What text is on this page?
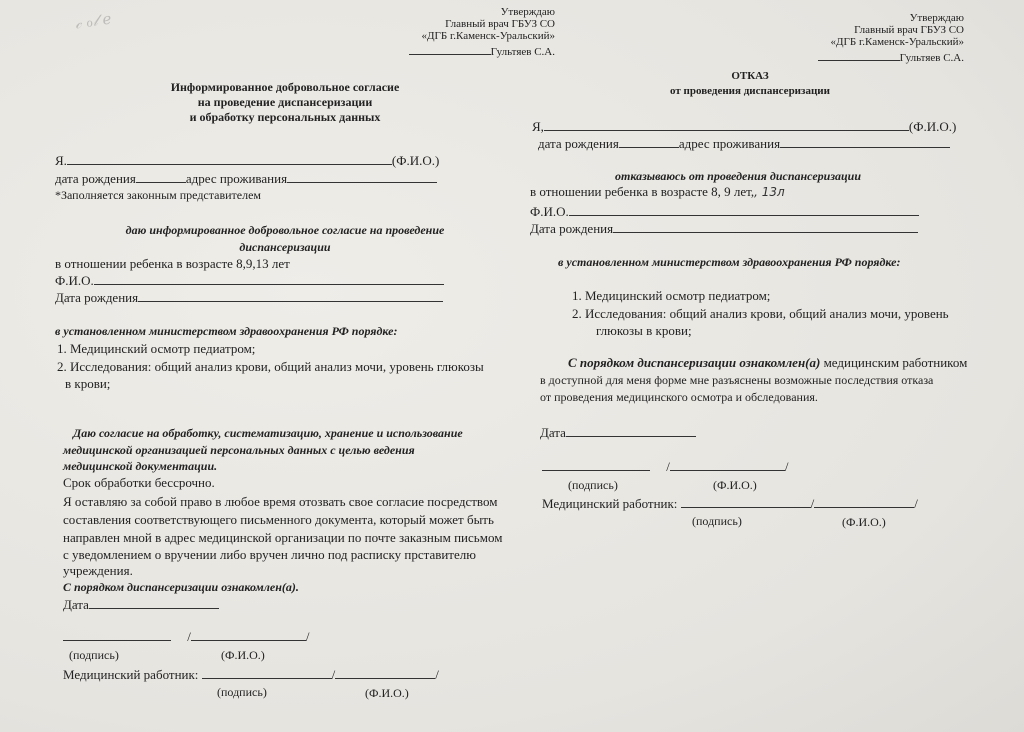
𝒸 ℴ𝓁 ℯ	Утверждаю
Главный врач ГБУЗ СО
«ДГБ г.Каменск-Уральский»
Гультяев С.А.
Информированное добровольное согласие
на проведение диспансеризации
и обработку персональных данных
Я.	(Ф.И.О.)
дата рождения	адрес проживания
*Заполняется законным представителем
даю информированное добровольное согласие на проведение
диспансеризации
в отношении ребенка в возрасте 8,9,13 лет
Ф.И.О.
Дата рождения
в установленном министерством здравоохранения РФ порядке:
1. Медицинский осмотр педиатром;
2. Исследования: общий анализ крови, общий анализ мочи, уровень глюкозы
в крови;
Даю согласие на обработку, систематизацию, хранение и использование
медицинской организацией персональных данных с целью ведения
медицинской документации.
Срок обработки бессрочно.
Я оставляю за собой право в любое время отозвать свое согласие посредством
составления соответствующего письменного документа, который может быть
направлен мной в адрес медицинской организации по почте заказным письмом
с уведомлением о вручении либо вручен лично под расписку прставителю
учреждения.
С порядком диспансеризации ознакомлен(а).
Дата
/	/
(подпись)	(Ф.И.О.)
Медицинский работник:	/	/
(подпись)	(Ф.И.О.)
Утверждаю
Главный врач ГБУЗ СО
«ДГБ г.Каменск-Уральский»
Гультяев С.А.
ОТКАЗ
от проведения диспансеризации
Я,	(Ф.И.О.)
дата рождения	адрес проживания
отказываюсь от проведения диспансеризации
в отношении ребенка в возрасте 8, 9 лет,, 13л
Ф.И.О.
Дата рождения
в установленном министерством здравоохранения РФ порядке:
1. Медицинский осмотр педиатром;
2. Исследования: общий анализ крови, общий анализ мочи, уровень
глюкозы в крови;
С порядком диспансеризации ознакомлен(а) медицинским работником
в доступной для меня форме мне разъяснены возможные последствия отказа
от проведения медицинского осмотра и обследования.
Дата
/	/
(подпись)	(Ф.И.О.)
Медицинский работник:	/	/
(подпись)	(Ф.И.О.)
